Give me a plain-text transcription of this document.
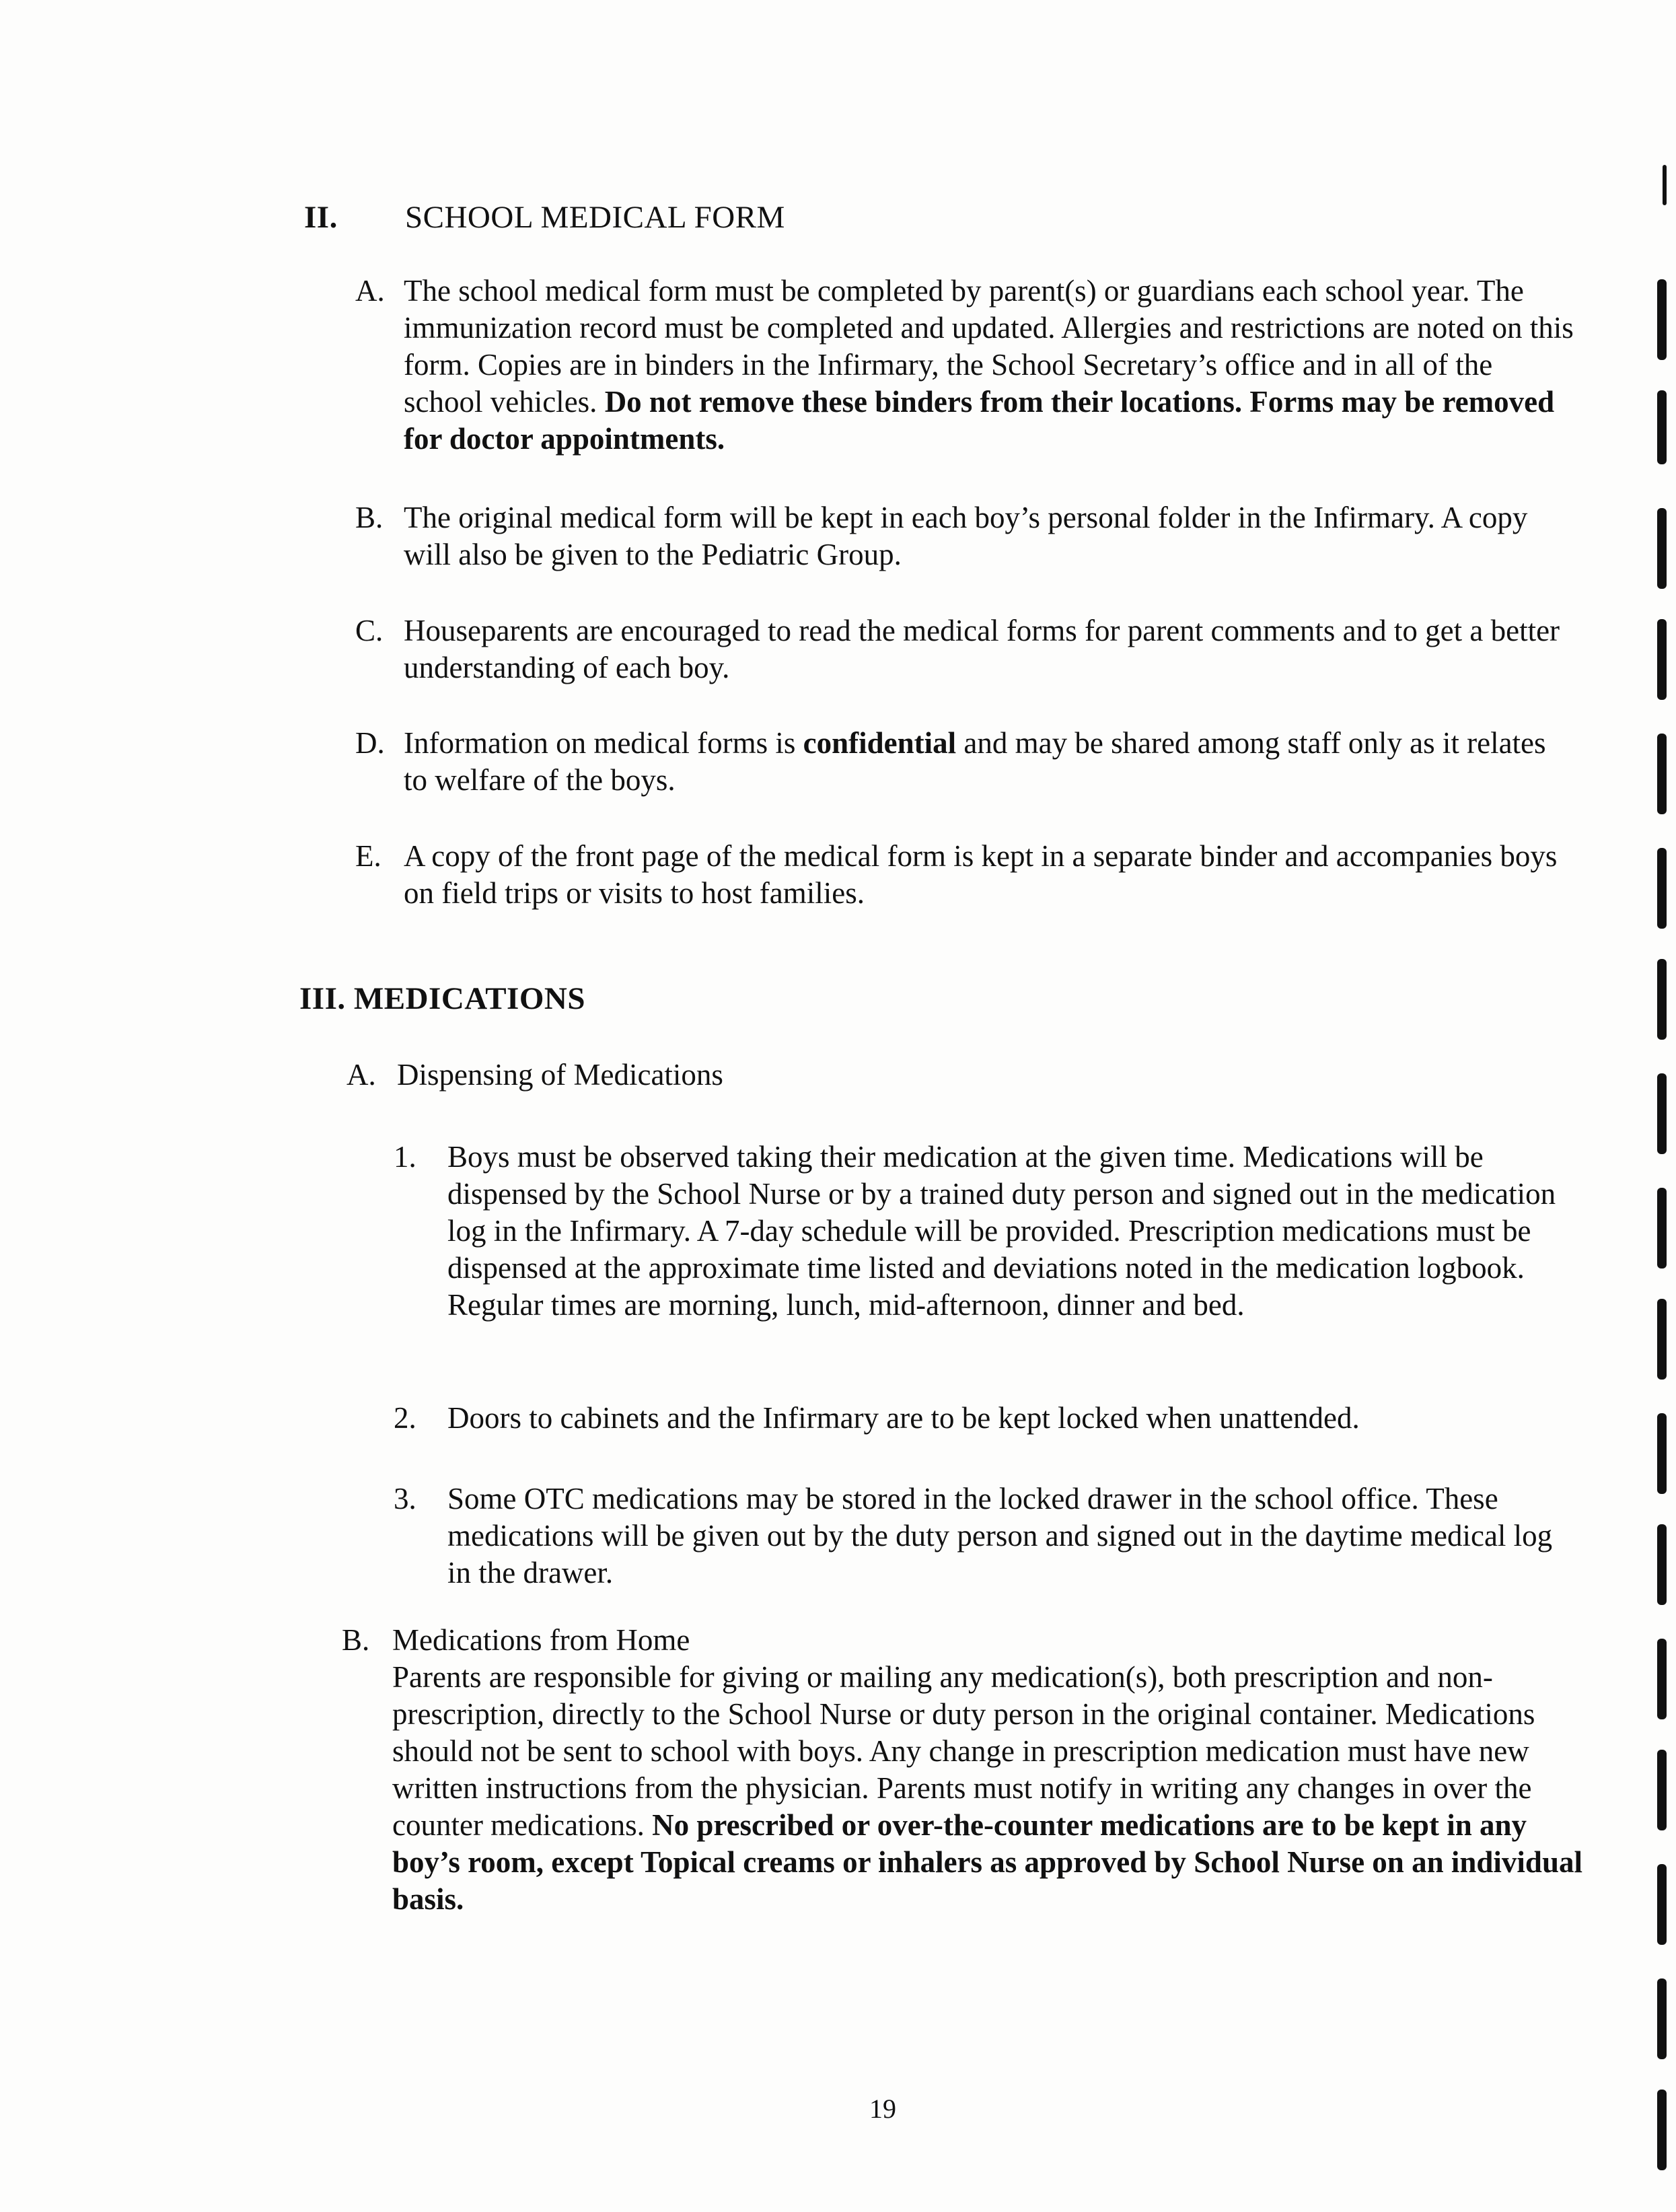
II. SCHOOL MEDICAL FORM
A. The school medical form must be completed by parent(s) or guardians each school year. The immunization record must be completed and updated. Allergies and restrictions are noted on this form. Copies are in binders in the Infirmary, the School Secretary’s office and in all of the school vehicles. Do not remove these binders from their locations. Forms may be removed for doctor appointments.
B. The original medical form will be kept in each boy’s personal folder in the Infirmary. A copy will also be given to the Pediatric Group.
C. Houseparents are encouraged to read the medical forms for parent comments and to get a better understanding of each boy.
D. Information on medical forms is confidential and may be shared among staff only as it relates to welfare of the boys.
E. A copy of the front page of the medical form is kept in a separate binder and accompanies boys on field trips or visits to host families.
III. MEDICATIONS
A. Dispensing of Medications
1. Boys must be observed taking their medication at the given time. Medications will be dispensed by the School Nurse or by a trained duty person and signed out in the medication log in the Infirmary. A 7-day schedule will be provided. Prescription medications must be dispensed at the approximate time listed and deviations noted in the medication logbook. Regular times are morning, lunch, mid-afternoon, dinner and bed.
2. Doors to cabinets and the Infirmary are to be kept locked when unattended.
3. Some OTC medications may be stored in the locked drawer in the school office. These medications will be given out by the duty person and signed out in the daytime medical log in the drawer.
B. Medications from Home
Parents are responsible for giving or mailing any medication(s), both prescription and non-prescription, directly to the School Nurse or duty person in the original container. Medications should not be sent to school with boys. Any change in prescription medication must have new written instructions from the physician. Parents must notify in writing any changes in over the counter medications. No prescribed or over-the-counter medications are to be kept in any boy’s room, except Topical creams or inhalers as approved by School Nurse on an individual basis.
19
